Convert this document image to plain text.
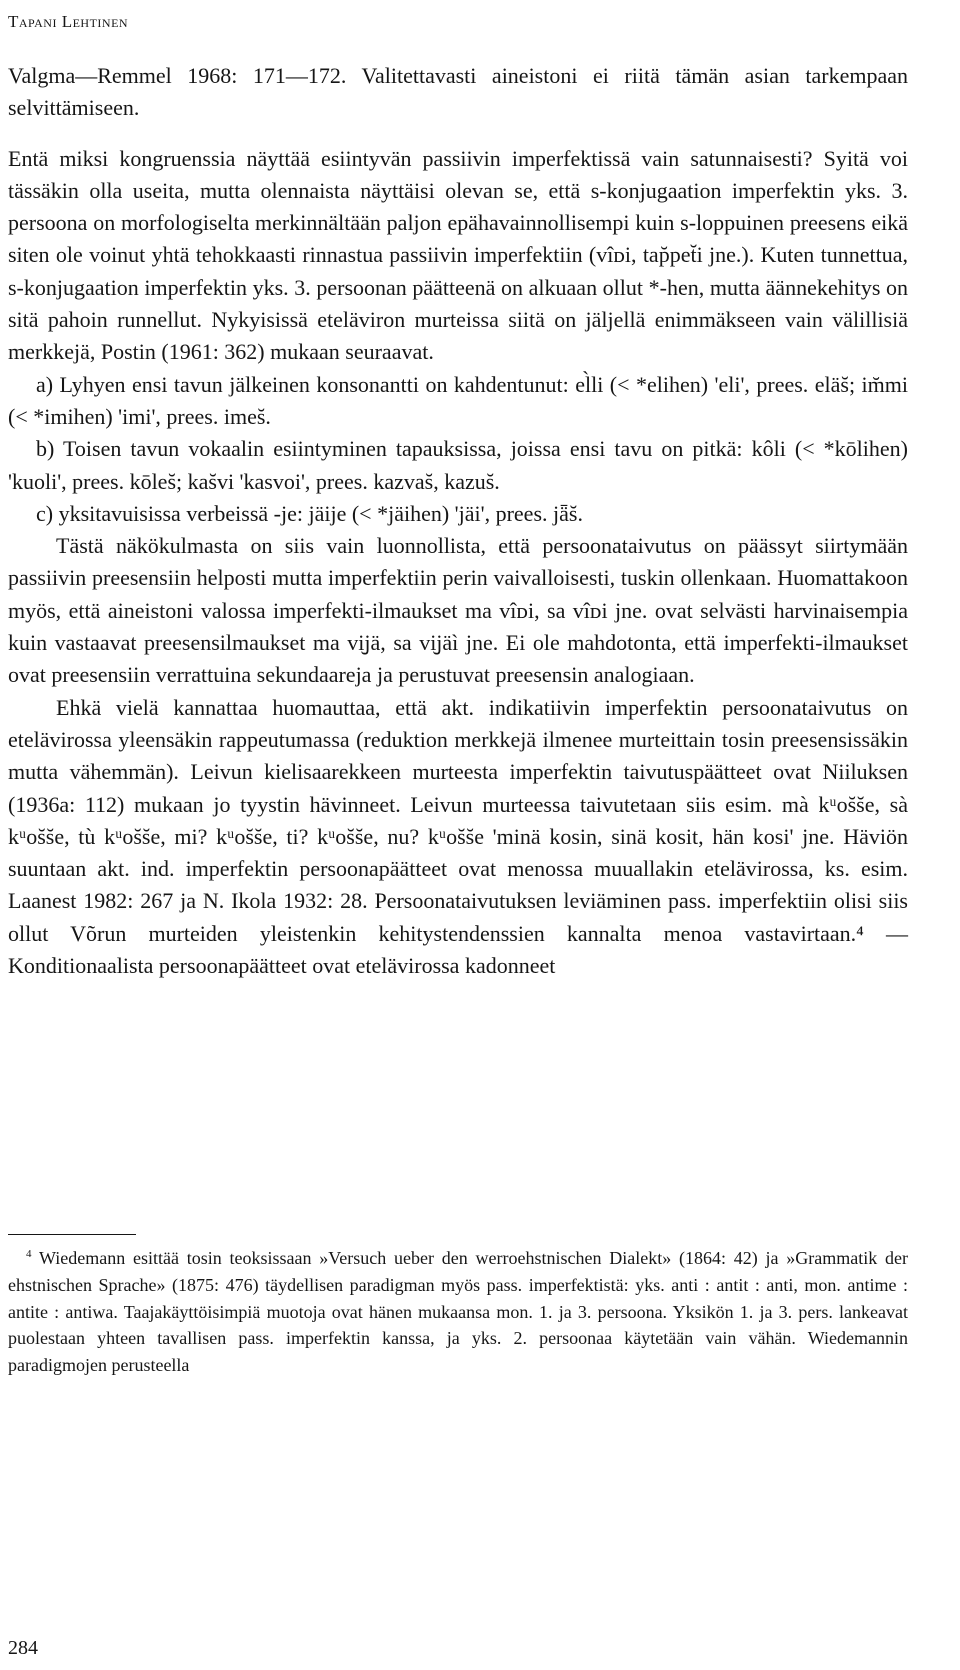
Tapani Lehtinen

Valgma—Remmel 1968: 171—172. Valitettavasti aineistoni ei riitä tämän asian tarkempaan selvittämiseen.

Entä miksi kongruenssia näyttää esiintyvän passiivin imperfektissä vain satunnaisesti? Syitä voi tässäkin olla useita, mutta olennaista näyttäisi olevan se, että s-konjugaation imperfektin yks. 3. persoona on morfologiselta merkinnältään paljon epähavainnollisempi kuin s-loppuinen preesens eikä siten ole voinut yhtä tehokkaasti rinnastua passiivin imperfektiin (vîᴅi, tap̆pet̆i jne.). Kuten tunnettua, s-konjugaation imperfektin yks. 3. persoonan päätteenä on alkuaan ollut *-hen, mutta äännekehitys on sitä pahoin runnellut. Nykyisissä eteläviron murteissa siitä on jäljellä enimmäkseen vain välillisiä merkkejä, Postin (1961: 362) mukaan seuraavat.

a) Lyhyen ensi tavun jälkeinen konsonantti on kahdentunut: el̀li (< *elihen) 'eli', prees. eläs̆; im̆mi (< *imihen) 'imi', prees. imes̆.

b) Toisen tavun vokaalin esiintyminen tapauksissa, joissa ensi tavu on pitkä: kôli (< *kōlihen) 'kuoli', prees. kōles̆; kas̆vi 'kasvoi', prees. kazvas̆, kazus̆.

c) yksitavuisissa verbeissä -je: jäije (< *jäihen) 'jäi', prees. jǟs̆.

Tästä näkökulmasta on siis vain luonnollista, että persoonataivutus on päässyt siirtymään passiivin preesensiin helposti mutta imperfektiin perin vaivalloisesti, tuskin ollenkaan. Huomattakoon myös, että aineistoni valossa imperfekti-ilmaukset ma vîᴅi, sa vîᴅi jne. ovat selvästi harvinaisempia kuin vastaavat preesensilmaukset ma vi̮jä, sa vi̮jäì jne. Ei ole mahdotonta, että imperfekti-ilmaukset ovat preesensiin verrattuina sekundaareja ja perustuvat preesensin analogiaan.

Ehkä vielä kannattaa huomauttaa, että akt. indikatiivin imperfektin persoonataivutus on etelävirossa yleensäkin rappeutumassa (reduktion merkkejä ilmenee murteittain tosin preesensissäkin mutta vähemmän). Leivun kielisaarekkeen murteesta imperfektin taivutuspäätteet ovat Niiluksen (1936a: 112) mukaan jo tyystin hävinneet. Leivun murteessa taivutetaan siis esim. mà kᵘos̆s̆e, sà kᵘos̆s̆e, tù kᵘos̆s̆e, mi? kᵘos̆s̆e, ti? kᵘos̆s̆e, nu? kᵘos̆s̆e 'minä kosin, sinä kosit, hän kosi' jne. Häviön suuntaan akt. ind. imperfektin persoonapäätteet ovat menossa muuallakin etelävirossa, ks. esim. Laanest 1982: 267 ja N. Ikola 1932: 28. Persoonataivutuksen leviäminen pass. imperfektiin olisi siis ollut Võrun murteiden yleistenkin kehitystendenssien kannalta menoa vastavirtaan.⁴ — Konditionaalista persoonapäätteet ovat etelävirossa kadonneet

$^4$ Wiedemann esittää tosin teoksissaan »Versuch ueber den werroehstnischen Dialekt» (1864: 42) ja »Grammatik der ehstnischen Sprache» (1875: 476) täydellisen paradigman myös pass. imperfektistä: yks. anti : antit : anti, mon. antime : antite : antiwa. Taajakäyttöisimpiä muotoja ovat hänen mukaansa mon. 1. ja 3. persoona. Yksikön 1. ja 3. pers. lankeavat puolestaan yhteen tavallisen pass. imperfektin kanssa, ja yks. 2. persoonaa käytetään vain vähän. Wiedemannin paradigmojen perusteella
284
